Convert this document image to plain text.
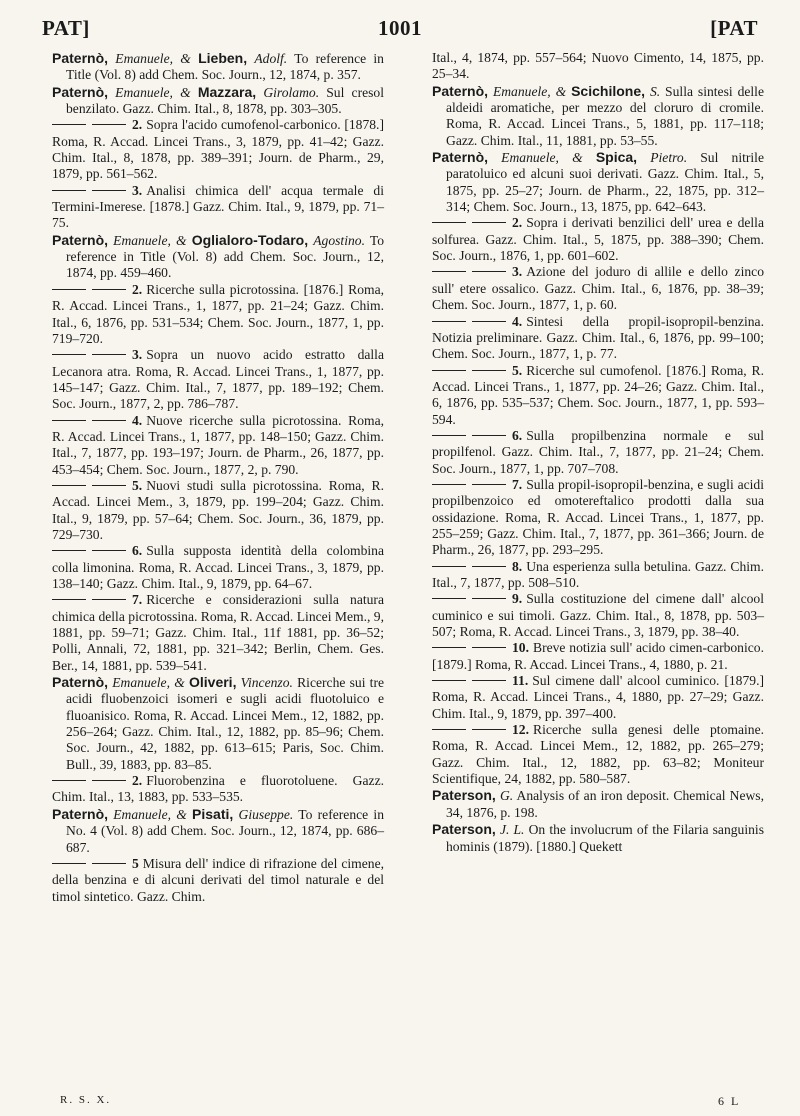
PAT]	1001	[PAT

Paternò, Emanuele, & Lieben, Adolf. To reference in Title (Vol. 8) add Chem. Soc. Journ., 12, 1874, p. 357.

Paternò, Emanuele, & Mazzara, Girolamo. Sul cresol benzilato. Gazz. Chim. Ital., 8, 1878, pp. 303–305.

2. Sopra l'acido cumofenol-carbonico. [1878.] Roma, R. Accad. Lincei Trans., 3, 1879, pp. 41–42; Gazz. Chim. Ital., 8, 1878, pp. 389–391; Journ. de Pharm., 29, 1879, pp. 561–562.

3. Analisi chimica dell' acqua termale di Termini-Imerese. [1878.] Gazz. Chim. Ital., 9, 1879, pp. 71–75.

Paternò, Emanuele, & Oglialoro-Todaro, Agostino. To reference in Title (Vol. 8) add Chem. Soc. Journ., 12, 1874, pp. 459–460.

2. Ricerche sulla picrotossina. [1876.] Roma, R. Accad. Lincei Trans., 1, 1877, pp. 21–24; Gazz. Chim. Ital., 6, 1876, pp. 531–534; Chem. Soc. Journ., 1877, 1, pp. 719–720.

3. Sopra un nuovo acido estratto dalla Lecanora atra. Roma, R. Accad. Lincei Trans., 1, 1877, pp. 145–147; Gazz. Chim. Ital., 7, 1877, pp. 189–192; Chem. Soc. Journ., 1877, 2, pp. 786–787.

4. Nuove ricerche sulla picrotossina. Roma, R. Accad. Lincei Trans., 1, 1877, pp. 148–150; Gazz. Chim. Ital., 7, 1877, pp. 193–197; Journ. de Pharm., 26, 1877, pp. 453–454; Chem. Soc. Journ., 1877, 2, p. 790.

5. Nuovi studi sulla picrotossina. Roma, R. Accad. Lincei Mem., 3, 1879, pp. 199–204; Gazz. Chim. Ital., 9, 1879, pp. 57–64; Chem. Soc. Journ., 36, 1879, pp. 729–730.

6. Sulla supposta identità della colombina colla limonina. Roma, R. Accad. Lincei Trans., 3, 1879, pp. 138–140; Gazz. Chim. Ital., 9, 1879, pp. 64–67.

7. Ricerche e considerazioni sulla natura chimica della picrotossina. Roma, R. Accad. Lincei Mem., 9, 1881, pp. 59–71; Gazz. Chim. Ital., 11f 1881, pp. 36–52; Polli, Annali, 72, 1881, pp. 321–342; Berlin, Chem. Ges. Ber., 14, 1881, pp. 539–541.

Paternò, Emanuele, & Oliveri, Vincenzo. Ricerche sui tre acidi fluobenzoici isomeri e sugli acidi fluotoluico e fluoanisico. Roma, R. Accad. Lincei Mem., 12, 1882, pp. 256–264; Gazz. Chim. Ital., 12, 1882, pp. 85–96; Chem. Soc. Journ., 42, 1882, pp. 613–615; Paris, Soc. Chim. Bull., 39, 1883, pp. 83–85.

2. Fluorobenzina e fluorotoluene. Gazz. Chim. Ital., 13, 1883, pp. 533–535.

Paternò, Emanuele, & Pisati, Giuseppe. To reference in No. 4 (Vol. 8) add Chem. Soc. Journ., 12, 1874, pp. 686–687.

5 Misura dell' indice di rifrazione del cimene, della benzina e di alcuni derivati del timol naturale e del timol sintetico. Gazz. Chim.

Ital., 4, 1874, pp. 557–564; Nuovo Cimento, 14, 1875, pp. 25–34.

Paternò, Emanuele, & Scichilone, S. Sulla sintesi delle aldeidi aromatiche, per mezzo del cloruro di cromile. Roma, R. Accad. Lincei Trans., 5, 1881, pp. 117–118; Gazz. Chim. Ital., 11, 1881, pp. 53–55.

Paternò, Emanuele, & Spica, Pietro. Sul nitrile paratoluico ed alcuni suoi derivati. Gazz. Chim. Ital., 5, 1875, pp. 25–27; Journ. de Pharm., 22, 1875, pp. 312–314; Chem. Soc. Journ., 13, 1875, pp. 642–643.

2. Sopra i derivati benzilici dell' urea e della solfurea. Gazz. Chim. Ital., 5, 1875, pp. 388–390; Chem. Soc. Journ., 1876, 1, pp. 601–602.

3. Azione del joduro di allile e dello zinco sull' etere ossalico. Gazz. Chim. Ital., 6, 1876, pp. 38–39; Chem. Soc. Journ., 1877, 1, p. 60.

4. Sintesi della propil-isopropil-benzina. Notizia preliminare. Gazz. Chim. Ital., 6, 1876, pp. 99–100; Chem. Soc. Journ., 1877, 1, p. 77.

5. Ricerche sul cumofenol. [1876.] Roma, R. Accad. Lincei Trans., 1, 1877, pp. 24–26; Gazz. Chim. Ital., 6, 1876, pp. 535–537; Chem. Soc. Journ., 1877, 1, pp. 593–594.

6. Sulla propilbenzina normale e sul propilfenol. Gazz. Chim. Ital., 7, 1877, pp. 21–24; Chem. Soc. Journ., 1877, 1, pp. 707–708.

7. Sulla propil-isopropil-benzina, e sugli acidi propilbenzoico ed omotereftalico prodotti dalla sua ossidazione. Roma, R. Accad. Lincei Trans., 1, 1877, pp. 255–259; Gazz. Chim. Ital., 7, 1877, pp. 361–366; Journ. de Pharm., 26, 1877, pp. 293–295.

8. Una esperienza sulla betulina. Gazz. Chim. Ital., 7, 1877, pp. 508–510.

9. Sulla costituzione del cimene dall' alcool cuminico e sui timoli. Gazz. Chim. Ital., 8, 1878, pp. 503–507; Roma, R. Accad. Lincei Trans., 3, 1879, pp. 38–40.

10. Breve notizia sull' acido cimen-carbonico. [1879.] Roma, R. Accad. Lincei Trans., 4, 1880, p. 21.

11. Sul cimene dall' alcool cuminico. [1879.] Roma, R. Accad. Lincei Trans., 4, 1880, pp. 27–29; Gazz. Chim. Ital., 9, 1879, pp. 397–400.

12. Ricerche sulla genesi delle ptomaine. Roma, R. Accad. Lincei Mem., 12, 1882, pp. 265–279; Gazz. Chim. Ital., 12, 1882, pp. 63–82; Moniteur Scientifique, 24, 1882, pp. 580–587.

Paterson, G. Analysis of an iron deposit. Chemical News, 34, 1876, p. 198.

Paterson, J. L. On the involucrum of the Filaria sanguinis hominis (1879). [1880.] Quekett

R. S. X.	6 L
